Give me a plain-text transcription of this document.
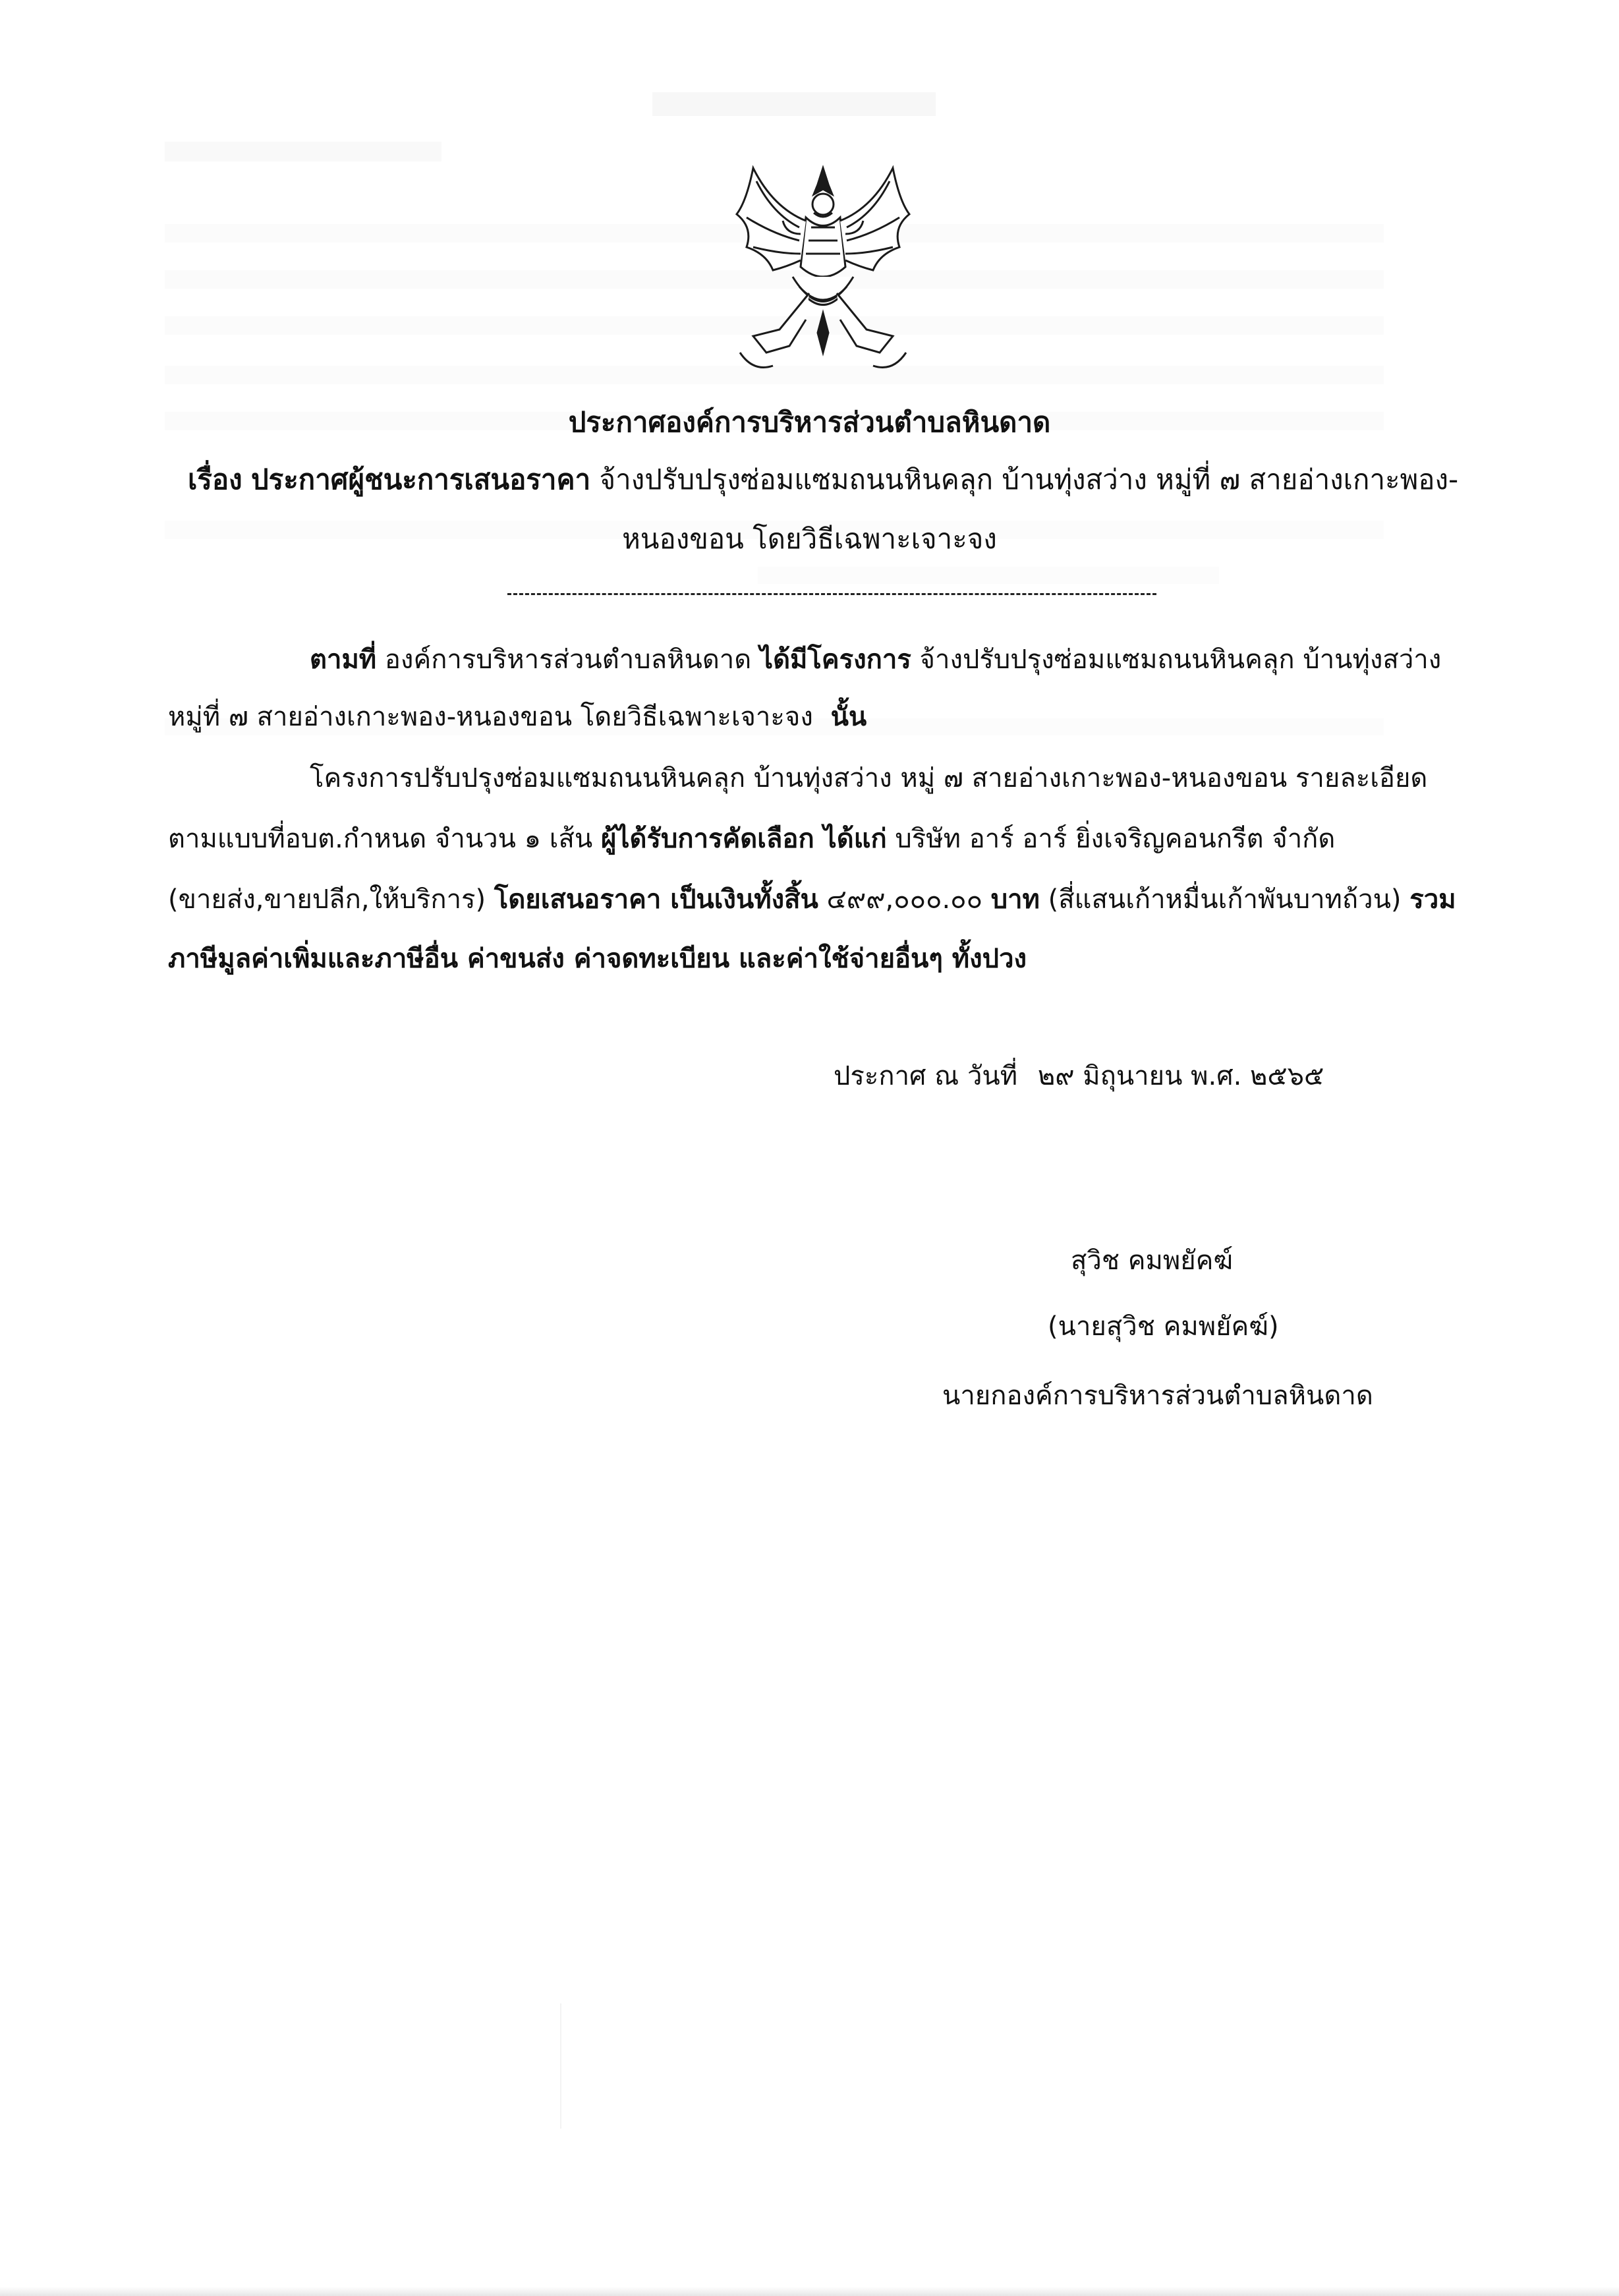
ประกาศองค์การบริหารส่วนตำบลหินดาด
เรื่อง ประกาศผู้ชนะการเสนอราคา จ้างปรับปรุงซ่อมแซมถนนหินคลุก บ้านทุ่งสว่าง หมู่ที่ ๗ สายอ่างเกาะพอง-
หนองขอน โดยวิธีเฉพาะเจาะจง
ตามที่ องค์การบริหารส่วนตำบลหินดาด ได้มีโครงการ จ้างปรับปรุงซ่อมแซมถนนหินคลุก บ้านทุ่งสว่าง
หมู่ที่ ๗ สายอ่างเกาะพอง-หนองขอน โดยวิธีเฉพาะเจาะจง นั้น
โครงการปรับปรุงซ่อมแซมถนนหินคลุก บ้านทุ่งสว่าง หมู่ ๗ สายอ่างเกาะพอง-หนองขอน รายละเอียด
ตามแบบที่อบต.กำหนด จำนวน ๑ เส้น ผู้ได้รับการคัดเลือก ได้แก่ บริษัท อาร์ อาร์ ยิ่งเจริญคอนกรีต จำกัด
(ขายส่ง,ขายปลีก,ให้บริการ) โดยเสนอราคา เป็นเงินทั้งสิ้น ๔๙๙,๐๐๐.๐๐ บาท (สี่แสนเก้าหมื่นเก้าพันบาทถ้วน) รวม
ภาษีมูลค่าเพิ่มและภาษีอื่น ค่าขนส่ง ค่าจดทะเบียน และค่าใช้จ่ายอื่นๆ ทั้งปวง
ประกาศ ณ วันที่ ๒๙ มิถุนายน พ.ศ. ๒๕๖๕
สุวิช คมพยัคฆ์
(นายสุวิช คมพยัคฆ์)
นายกองค์การบริหารส่วนตำบลหินดาด
